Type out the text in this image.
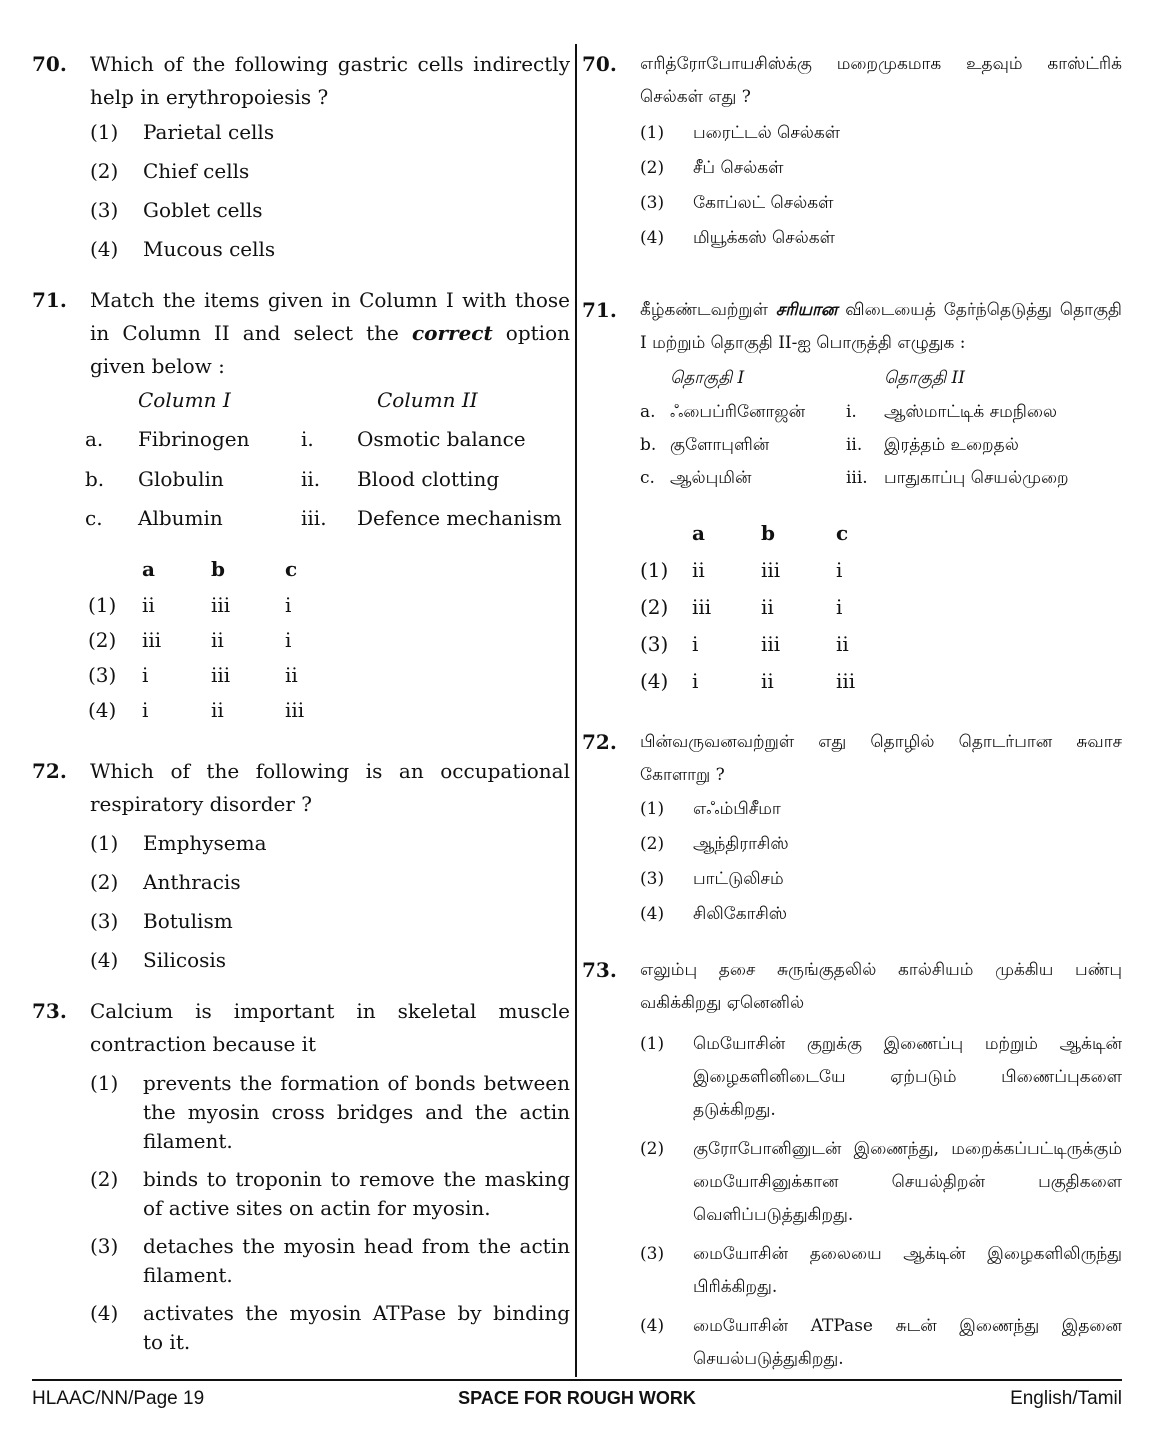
70. Which of the following gastric cells indirectly help in erythropoiesis ?
(1) Parietal cells
(2) Chief cells
(3) Goblet cells
(4) Mucous cells
71. Match the items given in Column I with those in Column II and select the correct option given below :
	Column I		Column II
a.	Fibrinogen	i.	Osmotic balance
b.	Globulin	ii.	Blood clotting
c.	Albumin	iii.	Defence mechanism
	a	b	c
(1)	ii	iii	i
(2)	iii	ii	i
(3)	i	iii	ii
(4)	i	ii	iii
72. Which of the following is an occupational respiratory disorder ?
(1) Emphysema
(2) Anthracis
(3) Botulism
(4) Silicosis
73. Calcium is important in skeletal muscle contraction because it
(1) prevents the formation of bonds between the myosin cross bridges and the actin filament.
(2) binds to troponin to remove the masking of active sites on actin for myosin.
(3) detaches the myosin head from the actin filament.
(4) activates the myosin ATPase by binding to it.
70. எரித்ரோபோயசிஸ்க்கு மறைமுகமாக உதவும் காஸ்ட்ரிக் செல்கள் எது ?
(1) பரைட்டல் செல்கள்
(2) சீப் செல்கள்
(3) கோப்லட் செல்கள்
(4) மியூக்கஸ் செல்கள்
71. கீழ்கண்டவற்றுள் சரியான விடையைத் தேர்ந்தெடுத்து தொகுதி I மற்றும் தொகுதி II-ஐ பொருத்தி எழுதுக :
	தொகுதி I		தொகுதி II
a.	ஃபைப்ரினோஜன்	i.	ஆஸ்மாட்டிக் சமநிலை
b.	குளோபுளின்	ii.	இரத்தம் உறைதல்
c.	ஆல்புமின்	iii.	பாதுகாப்பு செயல்முறை
	a	b	c
(1)	ii	iii	i
(2)	iii	ii	i
(3)	i	iii	ii
(4)	i	ii	iii
72. பின்வருவனவற்றுள் எது தொழில் தொடர்பான சுவாச கோளாறு ?
(1) எஃம்பிசீமா
(2) ஆந்திராசிஸ்
(3) பாட்டுலிசம்
(4) சிலிகோசிஸ்
73. எலும்பு தசை சுருங்குதலில் கால்சியம் முக்கிய பண்பு வகிக்கிறது ஏனெனில்
(1) மெயோசின் குறுக்கு இணைப்பு மற்றும் ஆக்டின் இழைகளினிடையே ஏற்படும் பிணைப்புகளை தடுக்கிறது.
(2) குரோபோனினுடன் இணைந்து, மறைக்கப்பட்டிருக்கும் மையோசினுக்கான செயல்திறன் பகுதிகளை வெளிப்படுத்துகிறது.
(3) மையோசின் தலையை ஆக்டின் இழைகளிலிருந்து பிரிக்கிறது.
(4) மையோசின் ATPase சுடன் இணைந்து இதனை செயல்படுத்துகிறது.
HLAAC/NN/Page 19	SPACE FOR ROUGH WORK	English/Tamil
